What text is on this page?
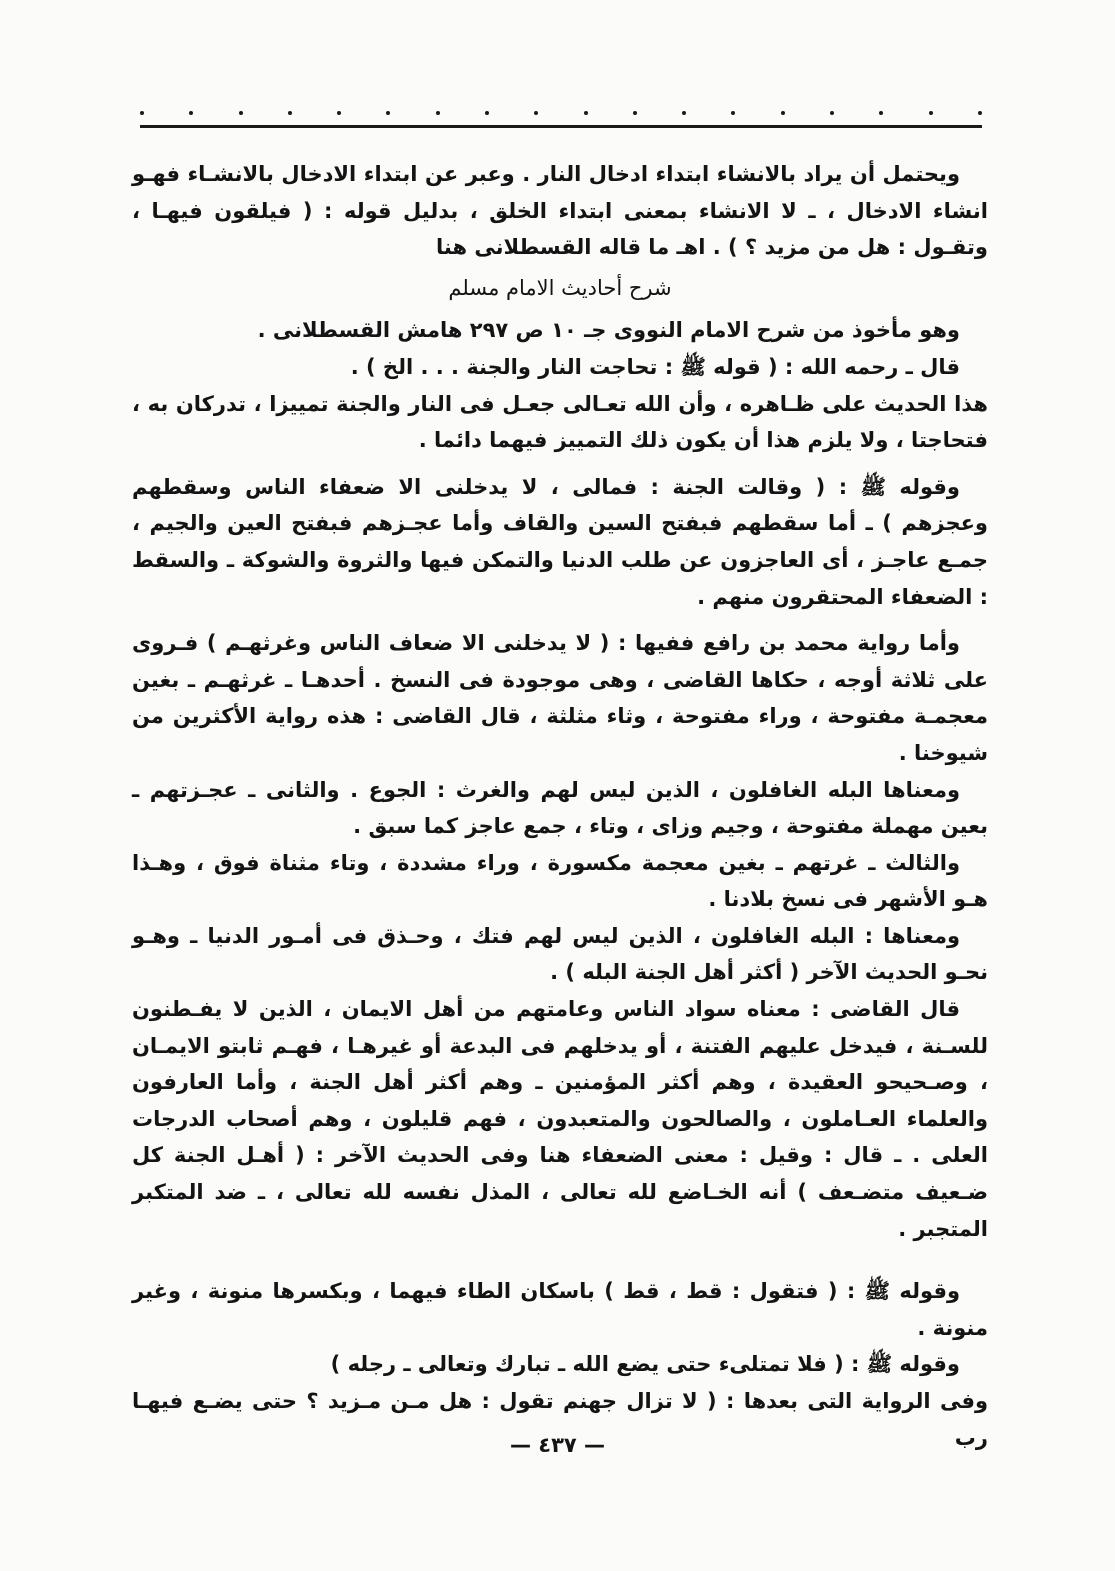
ويحتمل أن يراد بالانشاء ابتداء ادخال النار . وعبر عن ابتداء الادخال بالانشـاء فهـو انشاء الادخال ، ـ لا الانشاء بمعنى ابتداء الخلق ، بدليل قوله : ( فيلقون فيهـا ، وتقـول : هل من مزيد ؟ ) . اهـ ما قاله القسطلانى هنا

شرح أحاديث الامام مسلم

وهو مأخوذ من شرح الامام النووى جـ ١٠ ص ٢٩٧ هامش القسطلانى .

قال ـ رحمه الله : ( قوله ﷺ : تحاجت النار والجنة . . . الخ ) .

هذا الحديث على ظـاهره ، وأن الله تعـالى جعـل فى النار والجنة تمييزا ، تدركان به ، فتحاجتا ، ولا يلزم هذا أن يكون ذلك التمييز فيهما دائما .

وقوله ﷺ : ( وقالت الجنة : فمالى ، لا يدخلنى الا ضعفاء الناس وسقطهم وعجزهم ) ـ أما سقطهم فبفتح السين والقاف وأما عجـزهم فبفتح العين والجيم ، جمـع عاجـز ، أى العاجزون عن طلب الدنيا والتمكن فيها والثروة والشوكة ـ والسقط : الضعفاء المحتقرون منهم .

وأما رواية محمد بن رافع ففيها : ( لا يدخلنى الا ضعاف الناس وغرثهـم ) فـروى على ثلاثة أوجه ، حكاها القاضى ، وهى موجودة فى النسخ . أحدهـا ـ غرثهـم ـ بغين معجمـة مفتوحة ، وراء مفتوحة ، وثاء مثلثة ، قال القاضى : هذه رواية الأكثرين من شيوخنا .

ومعناها البله الغافلون ، الذين ليس لهم والغرث : الجوع . والثانى ـ عجـزتهم ـ بعين مهملة مفتوحة ، وجيم وزاى ، وتاء ، جمع عاجز كما سبق .

والثالث ـ غرتهم ـ بغين معجمة مكسورة ، وراء مشددة ، وتاء مثناة فوق ، وهـذا هـو الأشهر فى نسخ بلادنا .

ومعناها : البله الغافلون ، الذين ليس لهم فتك ، وحـذق فى أمـور الدنيا ـ وهـو نحـو الحديث الآخر ( أكثر أهل الجنة البله ) .

قال القاضى : معناه سواد الناس وعامتهم من أهل الايمان ، الذين لا يفـطنون للسـنة ، فيدخل عليهم الفتنة ، أو يدخلهم فى البدعة أو غيرهـا ، فهـم ثابتو الايمـان ، وصـحيحو العقيدة ، وهم أكثر المؤمنين ـ وهم أكثر أهل الجنة ، وأما العارفون والعلماء العـاملون ، والصالحون والمتعبدون ، فهم قليلون ، وهم أصحاب الدرجات العلى . ـ قال : وقيل : معنى الضعفاء هنا وفى الحديث الآخر : ( أهـل الجنة كل ضـعيف متضـعف ) أنه الخـاضع لله تعالى ، المذل نفسه لله تعالى ، ـ ضد المتكبر المتجبر .

وقوله ﷺ : ( فتقول : قط ، قط ) باسكان الطاء فيهما ، وبكسرها منونة ، وغير منونة .

وقوله ﷺ : ( فلا تمتلىء حتى يضع الله ـ تبارك وتعالى ـ رجله )

وفى الرواية التى بعدها : ( لا تزال جهنم تقول : هل مـن مـزيد ؟ حتى يضـع فيهـا رب

— ٤٣٧ —
